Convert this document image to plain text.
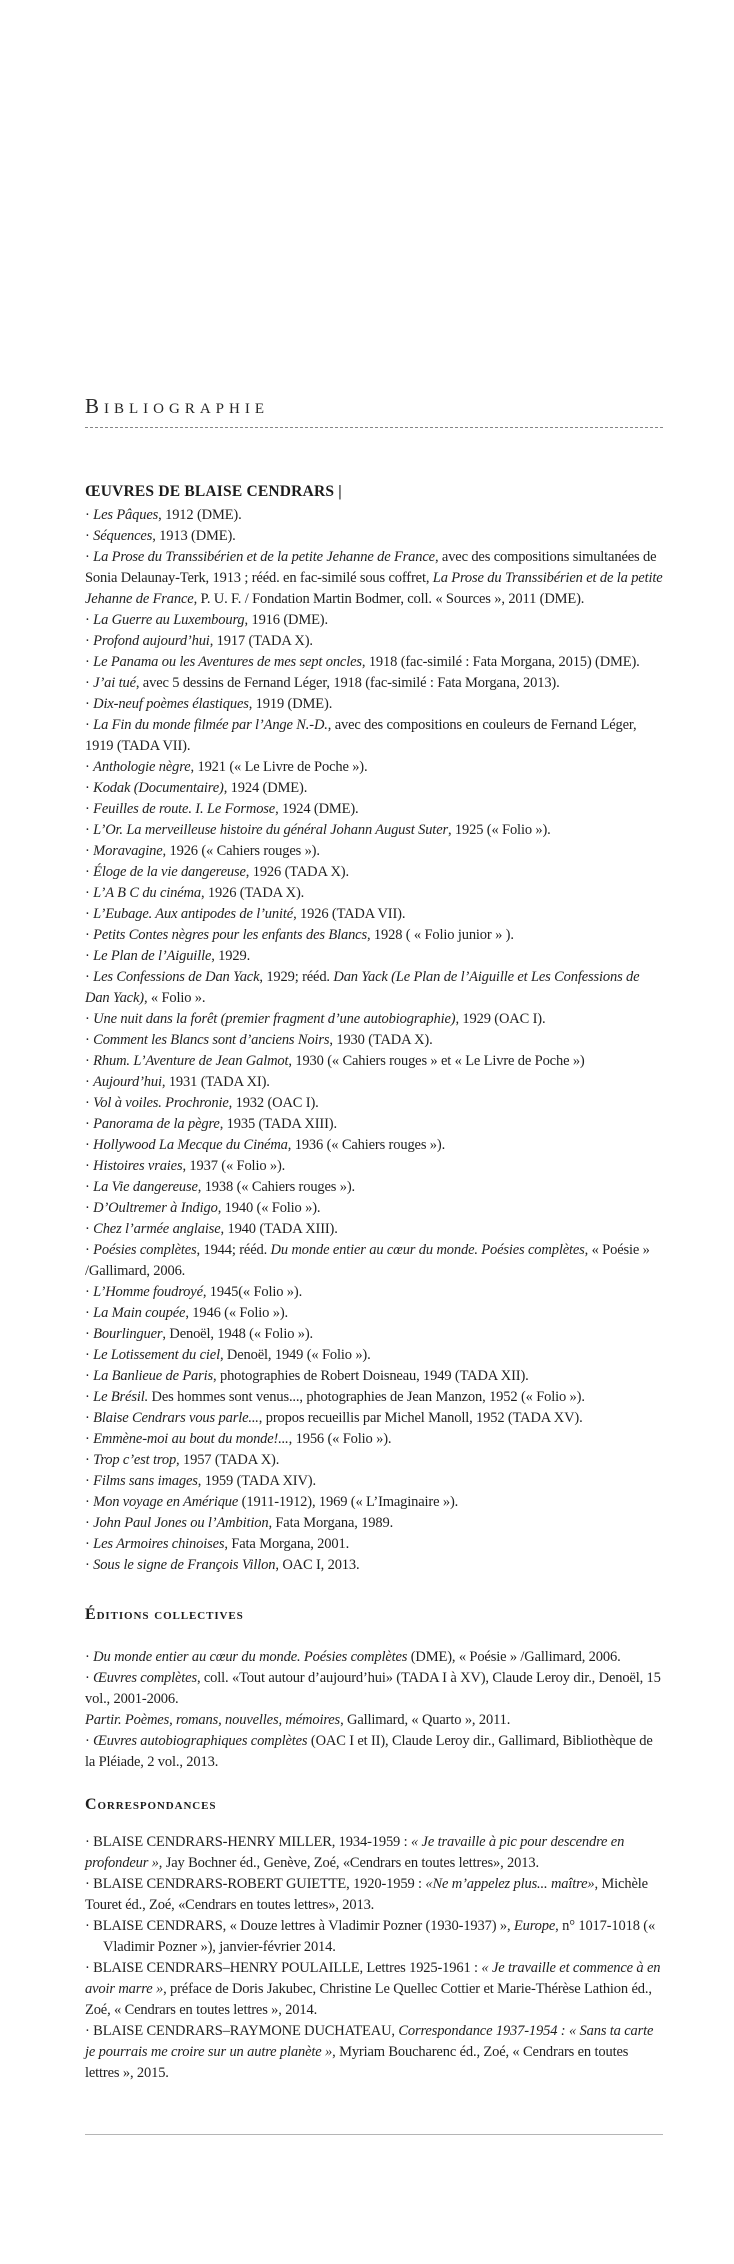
Bibliographie
ŒUVRES DE BLAISE CENDRARS |

· Les Pâques, 1912 (DME).

· Séquences, 1913 (DME).

· La Prose du Transsibérien et de la petite Jehanne de France, avec des compositions simultanées de Sonia Delaunay-Terk, 1913 ; rééd. en fac-similé sous coffret, La Prose du Transsibérien et de la petite Jehanne de France, P. U. F. / Fondation Martin Bodmer, coll. « Sources », 2011 (DME).

· La Guerre au Luxembourg, 1916 (DME).

· Profond aujourd’hui, 1917 (TADA X).

· Le Panama ou les Aventures de mes sept oncles, 1918 (fac-similé : Fata Morgana, 2015) (DME).

· J’ai tué, avec 5 dessins de Fernand Léger, 1918 (fac-similé : Fata Morgana, 2013).

· Dix-neuf poèmes élastiques, 1919 (DME).

· La Fin du monde filmée par l’Ange N.-D., avec des compositions en couleurs de Fernand Léger, 1919 (TADA VII).

· Anthologie nègre, 1921 (« Le Livre de Poche »).

· Kodak (Documentaire), 1924 (DME).

· Feuilles de route. I. Le Formose, 1924 (DME).

· L’Or. La merveilleuse histoire du général Johann August Suter, 1925 (« Folio »).

· Moravagine, 1926 (« Cahiers rouges »).

· Éloge de la vie dangereuse, 1926 (TADA X).

· L’A B C du cinéma, 1926 (TADA X).

· L’Eubage. Aux antipodes de l’unité, 1926 (TADA VII).

· Petits Contes nègres pour les enfants des Blancs, 1928 ( « Folio junior » ).

· Le Plan de l’Aiguille, 1929.

· Les Confessions de Dan Yack, 1929; rééd. Dan Yack (Le Plan de l’Aiguille et Les Confessions de Dan Yack), « Folio ».

· Une nuit dans la forêt (premier fragment d’une autobiographie), 1929 (OAC I).

· Comment les Blancs sont d’anciens Noirs, 1930 (TADA X).

· Rhum. L’Aventure de Jean Galmot, 1930 (« Cahiers rouges » et « Le Livre de Poche »)

· Aujourd’hui, 1931 (TADA XI).

· Vol à voiles. Prochronie, 1932 (OAC I).

· Panorama de la pègre, 1935 (TADA XIII).

· Hollywood La Mecque du Cinéma, 1936 (« Cahiers rouges »).

· Histoires vraies, 1937 (« Folio »).

· La Vie dangereuse, 1938 (« Cahiers rouges »).

· D’Oultremer à Indigo, 1940 (« Folio »).

· Chez l’armée anglaise, 1940 (TADA XIII).

· Poésies complètes, 1944; rééd. Du monde entier au cœur du monde. Poésies complètes, « Poésie » /Gallimard, 2006.

· L’Homme foudroyé, 1945(« Folio »).

· La Main coupée, 1946 (« Folio »).

· Bourlinguer, Denoël, 1948 (« Folio »).

· Le Lotissement du ciel, Denoël, 1949 (« Folio »).

· La Banlieue de Paris, photographies de Robert Doisneau, 1949 (TADA XII).

· Le Brésil. Des hommes sont venus..., photographies de Jean Manzon, 1952 (« Folio »).

· Blaise Cendrars vous parle..., propos recueillis par Michel Manoll, 1952 (TADA XV).

· Emmène-moi au bout du monde!..., 1956 (« Folio »).

· Trop c’est trop, 1957 (TADA X).

· Films sans images, 1959 (TADA XIV).

· Mon voyage en Amérique (1911-1912), 1969 (« L’Imaginaire »).

· John Paul Jones ou l’Ambition, Fata Morgana, 1989.

· Les Armoires chinoises, Fata Morgana, 2001.

· Sous le signe de François Villon, OAC I, 2013.

Éditions collectives

· Du monde entier au cœur du monde. Poésies complètes (DME), « Poésie » /Gallimard, 2006.

· Œuvres complètes, coll. «Tout autour d’aujourd’hui» (TADA I à XV), Claude Leroy dir., Denoël, 15 vol., 2001-2006.

Partir. Poèmes, romans, nouvelles, mémoires, Gallimard, « Quarto », 2011.

· Œuvres autobiographiques complètes (OAC I et II), Claude Leroy dir., Gallimard, Bibliothèque de la Pléiade, 2 vol., 2013.

Correspondances

· BLAISE CENDRARS-HENRY MILLER, 1934-1959 : « Je travaille à pic pour descendre en profondeur », Jay Bochner éd., Genève, Zoé, «Cendrars en toutes lettres», 2013.

· BLAISE CENDRARS-ROBERT GUIETTE, 1920-1959 : «Ne m’appelez plus... maître», Michèle Touret éd., Zoé, «Cendrars en toutes lettres», 2013.

· BLAISE CENDRARS, « Douze lettres à Vladimir Pozner (1930-1937) », Europe, n° 1017-1018 (« Vladimir Pozner »), janvier-février 2014.

· BLAISE CENDRARS–HENRY POULAILLE, Lettres 1925-1961 : « Je travaille et commence à en avoir marre », préface de Doris Jakubec, Christine Le Quellec Cottier et Marie-Thérèse Lathion éd., Zoé, « Cendrars en toutes lettres », 2014.

· BLAISE CENDRARS–RAYMONE DUCHATEAU, Correspondance 1937-1954 : « Sans ta carte je pourrais me croire sur un autre planète », Myriam Boucharenc éd., Zoé, « Cendrars en toutes lettres », 2015.
